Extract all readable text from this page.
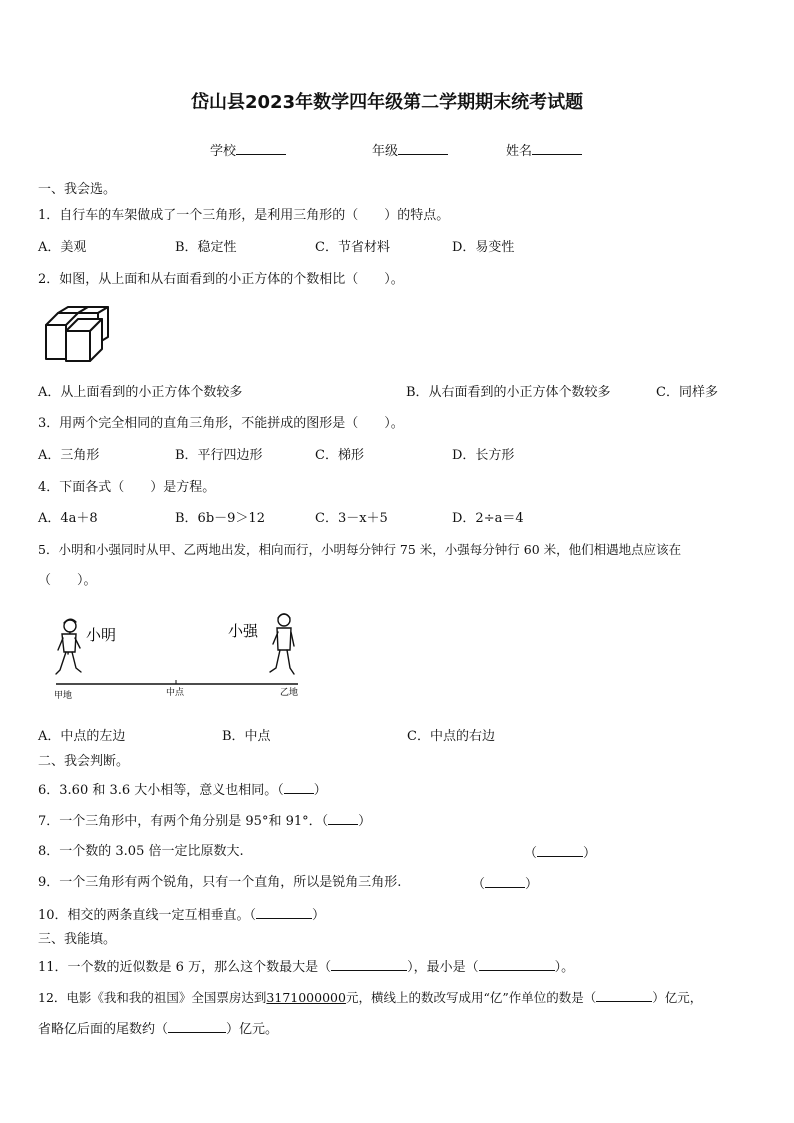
岱山县2023年数学四年级第二学期期末统考试题
学校	年级	姓名
一、我会选。
1．自行车的车架做成了一个三角形，是利用三角形的（　　）的特点。
A．美观	B．稳定性	C．节省材料	D．易变性
2．如图，从上面和从右面看到的小正方体的个数相比（　　）。
A．从上面看到的小正方体个数较多	B．从右面看到的小正方体个数较多	C．同样多
3．用两个完全相同的直角三角形，不能拼成的图形是（　　）。
A．三角形	B．平行四边形	C．梯形	D．长方形
4．下面各式（　　）是方程。
A．4a＋8	B．6b－9＞12	C．3－x＋5	D．2÷a＝4
5．小明和小强同时从甲、乙两地出发，相向而行，小明每分钟行 75 米，小强每分钟行 60 米，他们相遇地点应该在
（　　）。
小明	小强
甲地	中点	乙地
A．中点的左边	B．中点	C．中点的右边
二、我会判断。
6．3.60 和 3.6 大小相等，意义也相同。（ ）
7．一个三角形中，有两个角分别是 95°和 91°．（ ）
8．一个数的 3.05 倍一定比原数大.	（	）
9．一个三角形有两个锐角，只有一个直角，所以是锐角三角形.	（	）
10．相交的两条直线一定互相垂直。（	）
三、我能填。
11．一个数的近似数是 6 万，那么这个数最大是（	），最小是（	）。
12．电影《我和我的祖国》全国票房达到3171000000元，横线上的数改写成用“亿”作单位的数是（	）亿元，
省略亿后面的尾数约（	）亿元。
